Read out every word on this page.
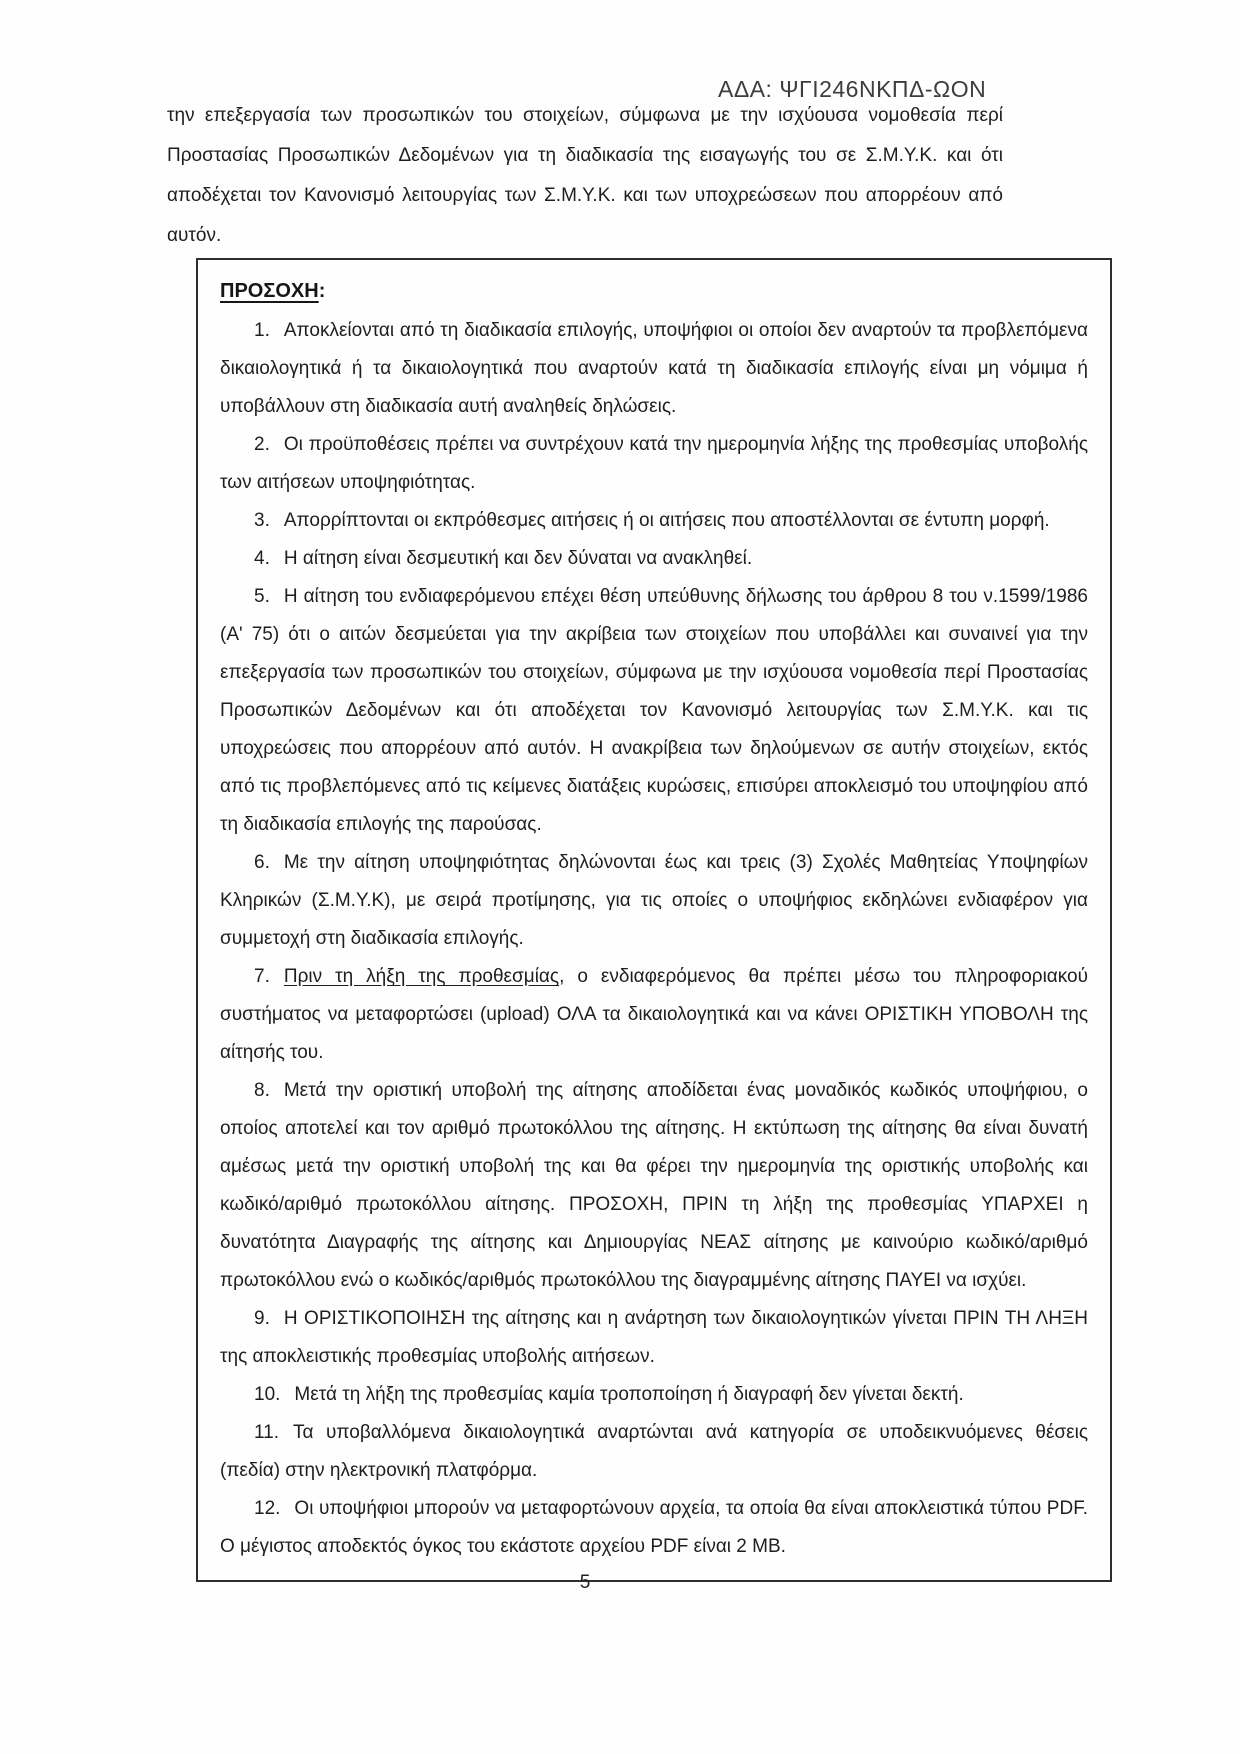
ΑΔΑ: ΨΓΙ246ΝΚΠΔ-ΩΟΝ
την επεξεργασία των προσωπικών του στοιχείων, σύμφωνα με την ισχύουσα νομοθεσία περί Προστασίας Προσωπικών Δεδομένων για τη διαδικασία της εισαγωγής του σε Σ.Μ.Υ.Κ. και ότι αποδέχεται τον Κανονισμό λειτουργίας των Σ.Μ.Υ.Κ. και των υποχρεώσεων που απορρέουν από αυτόν.
ΠΡΟΣΟΧΗ:

1. Αποκλείονται από τη διαδικασία επιλογής, υποψήφιοι οι οποίοι δεν αναρτούν τα προβλεπόμενα δικαιολογητικά ή τα δικαιολογητικά που αναρτούν κατά τη διαδικασία επιλογής είναι μη νόμιμα ή υποβάλλουν στη διαδικασία αυτή αναληθείς δηλώσεις.

2. Οι προϋποθέσεις πρέπει να συντρέχουν κατά την ημερομηνία λήξης της προθεσμίας υποβολής των αιτήσεων υποψηφιότητας.

3. Απορρίπτονται οι εκπρόθεσμες αιτήσεις ή οι αιτήσεις που αποστέλλονται σε έντυπη μορφή.

4. Η αίτηση είναι δεσμευτική και δεν δύναται να ανακληθεί.

5. Η αίτηση του ενδιαφερόμενου επέχει θέση υπεύθυνης δήλωσης του άρθρου 8 του ν.1599/1986 (Α' 75) ότι ο αιτών δεσμεύεται για την ακρίβεια των στοιχείων που υποβάλλει και συναινεί για την επεξεργασία των προσωπικών του στοιχείων, σύμφωνα με την ισχύουσα νομοθεσία περί Προστασίας Προσωπικών Δεδομένων και ότι αποδέχεται τον Κανονισμό λειτουργίας των Σ.Μ.Υ.Κ. και τις υποχρεώσεις που απορρέουν από αυτόν. Η ανακρίβεια των δηλούμενων σε αυτήν στοιχείων, εκτός από τις προβλεπόμενες από τις κείμενες διατάξεις κυρώσεις, επισύρει αποκλεισμό του υποψηφίου από τη διαδικασία επιλογής της παρούσας.

6. Με την αίτηση υποψηφιότητας δηλώνονται έως και τρεις (3) Σχολές Μαθητείας Υποψηφίων Κληρικών (Σ.Μ.Υ.Κ), με σειρά προτίμησης, για τις οποίες ο υποψήφιος εκδηλώνει ενδιαφέρον για συμμετοχή στη διαδικασία επιλογής.

7. Πριν τη λήξη της προθεσμίας, ο ενδιαφερόμενος θα πρέπει μέσω του πληροφοριακού συστήματος να μεταφορτώσει (upload) ΟΛΑ τα δικαιολογητικά και να κάνει ΟΡΙΣΤΙΚΗ ΥΠΟΒΟΛΗ της αίτησής του.

8. Μετά την οριστική υποβολή της αίτησης αποδίδεται ένας μοναδικός κωδικός υποψήφιου, ο οποίος αποτελεί και τον αριθμό πρωτοκόλλου της αίτησης. Η εκτύπωση της αίτησης θα είναι δυνατή αμέσως μετά την οριστική υποβολή της και θα φέρει την ημερομηνία της οριστικής υποβολής και κωδικό/αριθμό πρωτοκόλλου αίτησης. ΠΡΟΣΟΧΗ, ΠΡΙΝ τη λήξη της προθεσμίας ΥΠΑΡΧΕΙ η δυνατότητα Διαγραφής της αίτησης και Δημιουργίας ΝΕΑΣ αίτησης με καινούριο κωδικό/αριθμό πρωτοκόλλου ενώ ο κωδικός/αριθμός πρωτοκόλλου της διαγραμμένης αίτησης ΠΑΥΕΙ να ισχύει.

9. Η ΟΡΙΣΤΙΚΟΠΟΙΗΣΗ της αίτησης και η ανάρτηση των δικαιολογητικών γίνεται ΠΡΙΝ ΤΗ ΛΗΞΗ της αποκλειστικής προθεσμίας υποβολής αιτήσεων.

10. Μετά τη λήξη της προθεσμίας καμία τροποποίηση ή διαγραφή δεν γίνεται δεκτή.

11. Τα υποβαλλόμενα δικαιολογητικά αναρτώνται ανά κατηγορία σε υποδεικνυόμενες θέσεις (πεδία) στην ηλεκτρονική πλατφόρμα.

12. Οι υποψήφιοι μπορούν να μεταφορτώνουν αρχεία, τα οποία θα είναι αποκλειστικά τύπου PDF. Ο μέγιστος αποδεκτός όγκος του εκάστοτε αρχείου PDF είναι 2 MB.

5
